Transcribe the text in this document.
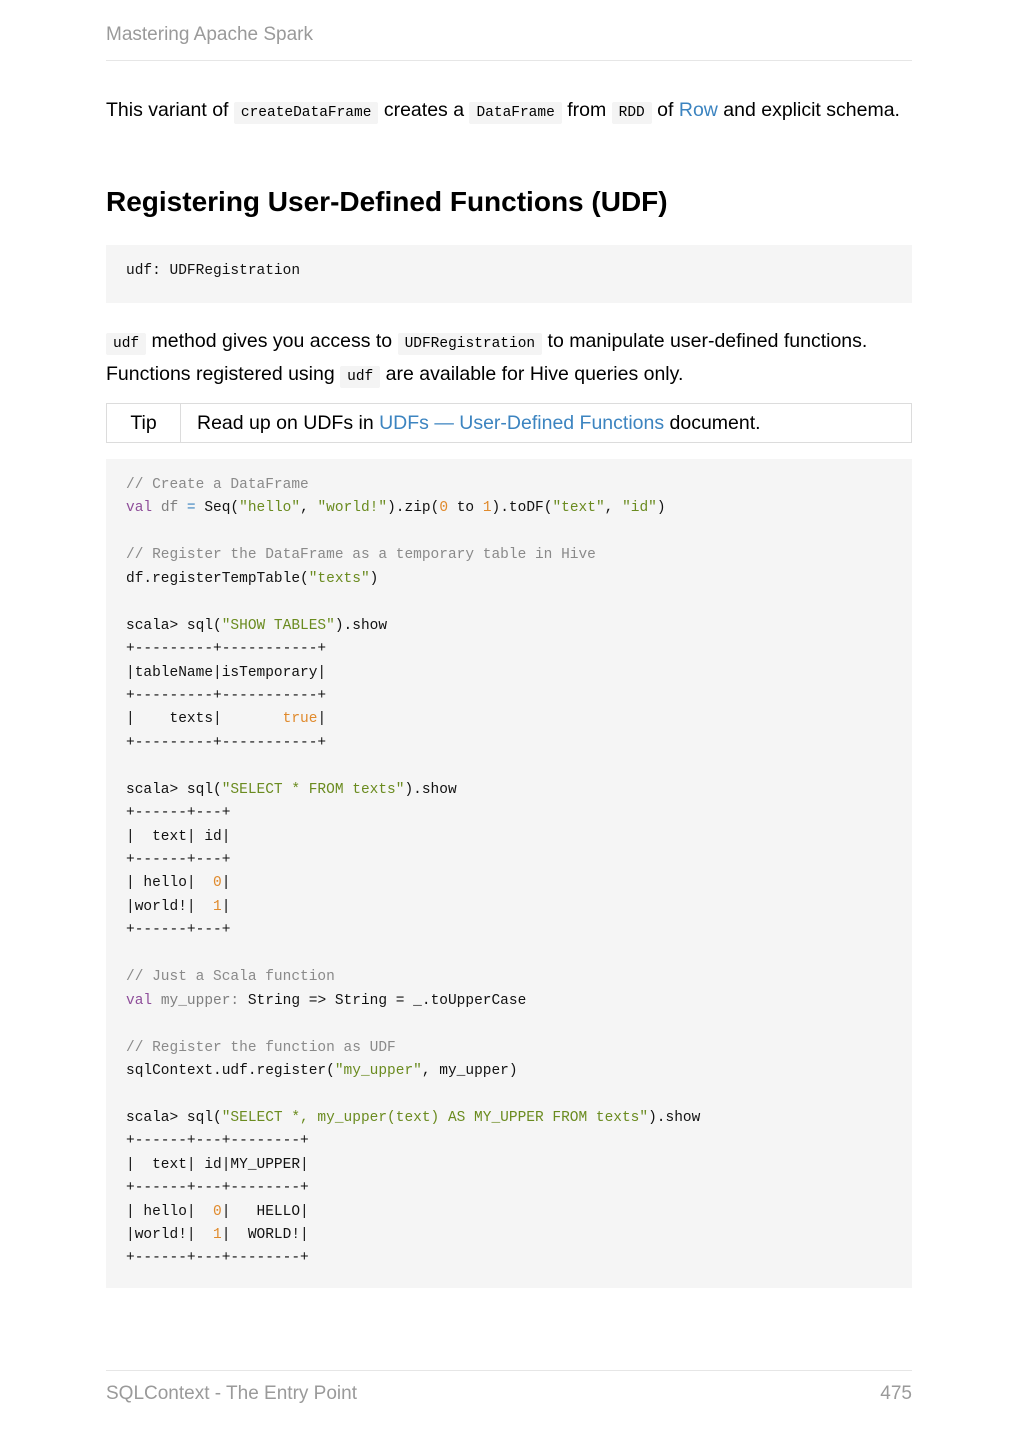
Mastering Apache Spark

This variant of createDataFrame creates a DataFrame from RDD of Row and explicit schema.

Registering User-Defined Functions (UDF)
udf: UDFRegistration

udf method gives you access to UDFRegistration to manipulate user-defined functions. Functions registered using udf are available for Hive queries only.

Tip	Read up on UDFs in UDFs — User-Defined Functions document.
// Create a DataFrame
val df = Seq("hello", "world!").zip(0 to 1).toDF("text", "id")
// Register the DataFrame as a temporary table in Hive
df.registerTempTable("texts")
scala> sql("SHOW TABLES").show
+---------+-----------+
|tableName|isTemporary|
+---------+-----------+
|    texts|       true|
+---------+-----------+
scala> sql("SELECT * FROM texts").show
+------+---+
|  text| id|
+------+---+
| hello|  0|
|world!|  1|
+------+---+
// Just a Scala function
val my_upper: String => String = _.toUpperCase
// Register the function as UDF
sqlContext.udf.register("my_upper", my_upper)
scala> sql("SELECT *, my_upper(text) AS MY_UPPER FROM texts").show
+------+---+--------+
|  text| id|MY_UPPER|
+------+---+--------+
| hello|  0|   HELLO|
|world!|  1|  WORLD!|
+------+---+--------+
SQLContext - The Entry Point	475
